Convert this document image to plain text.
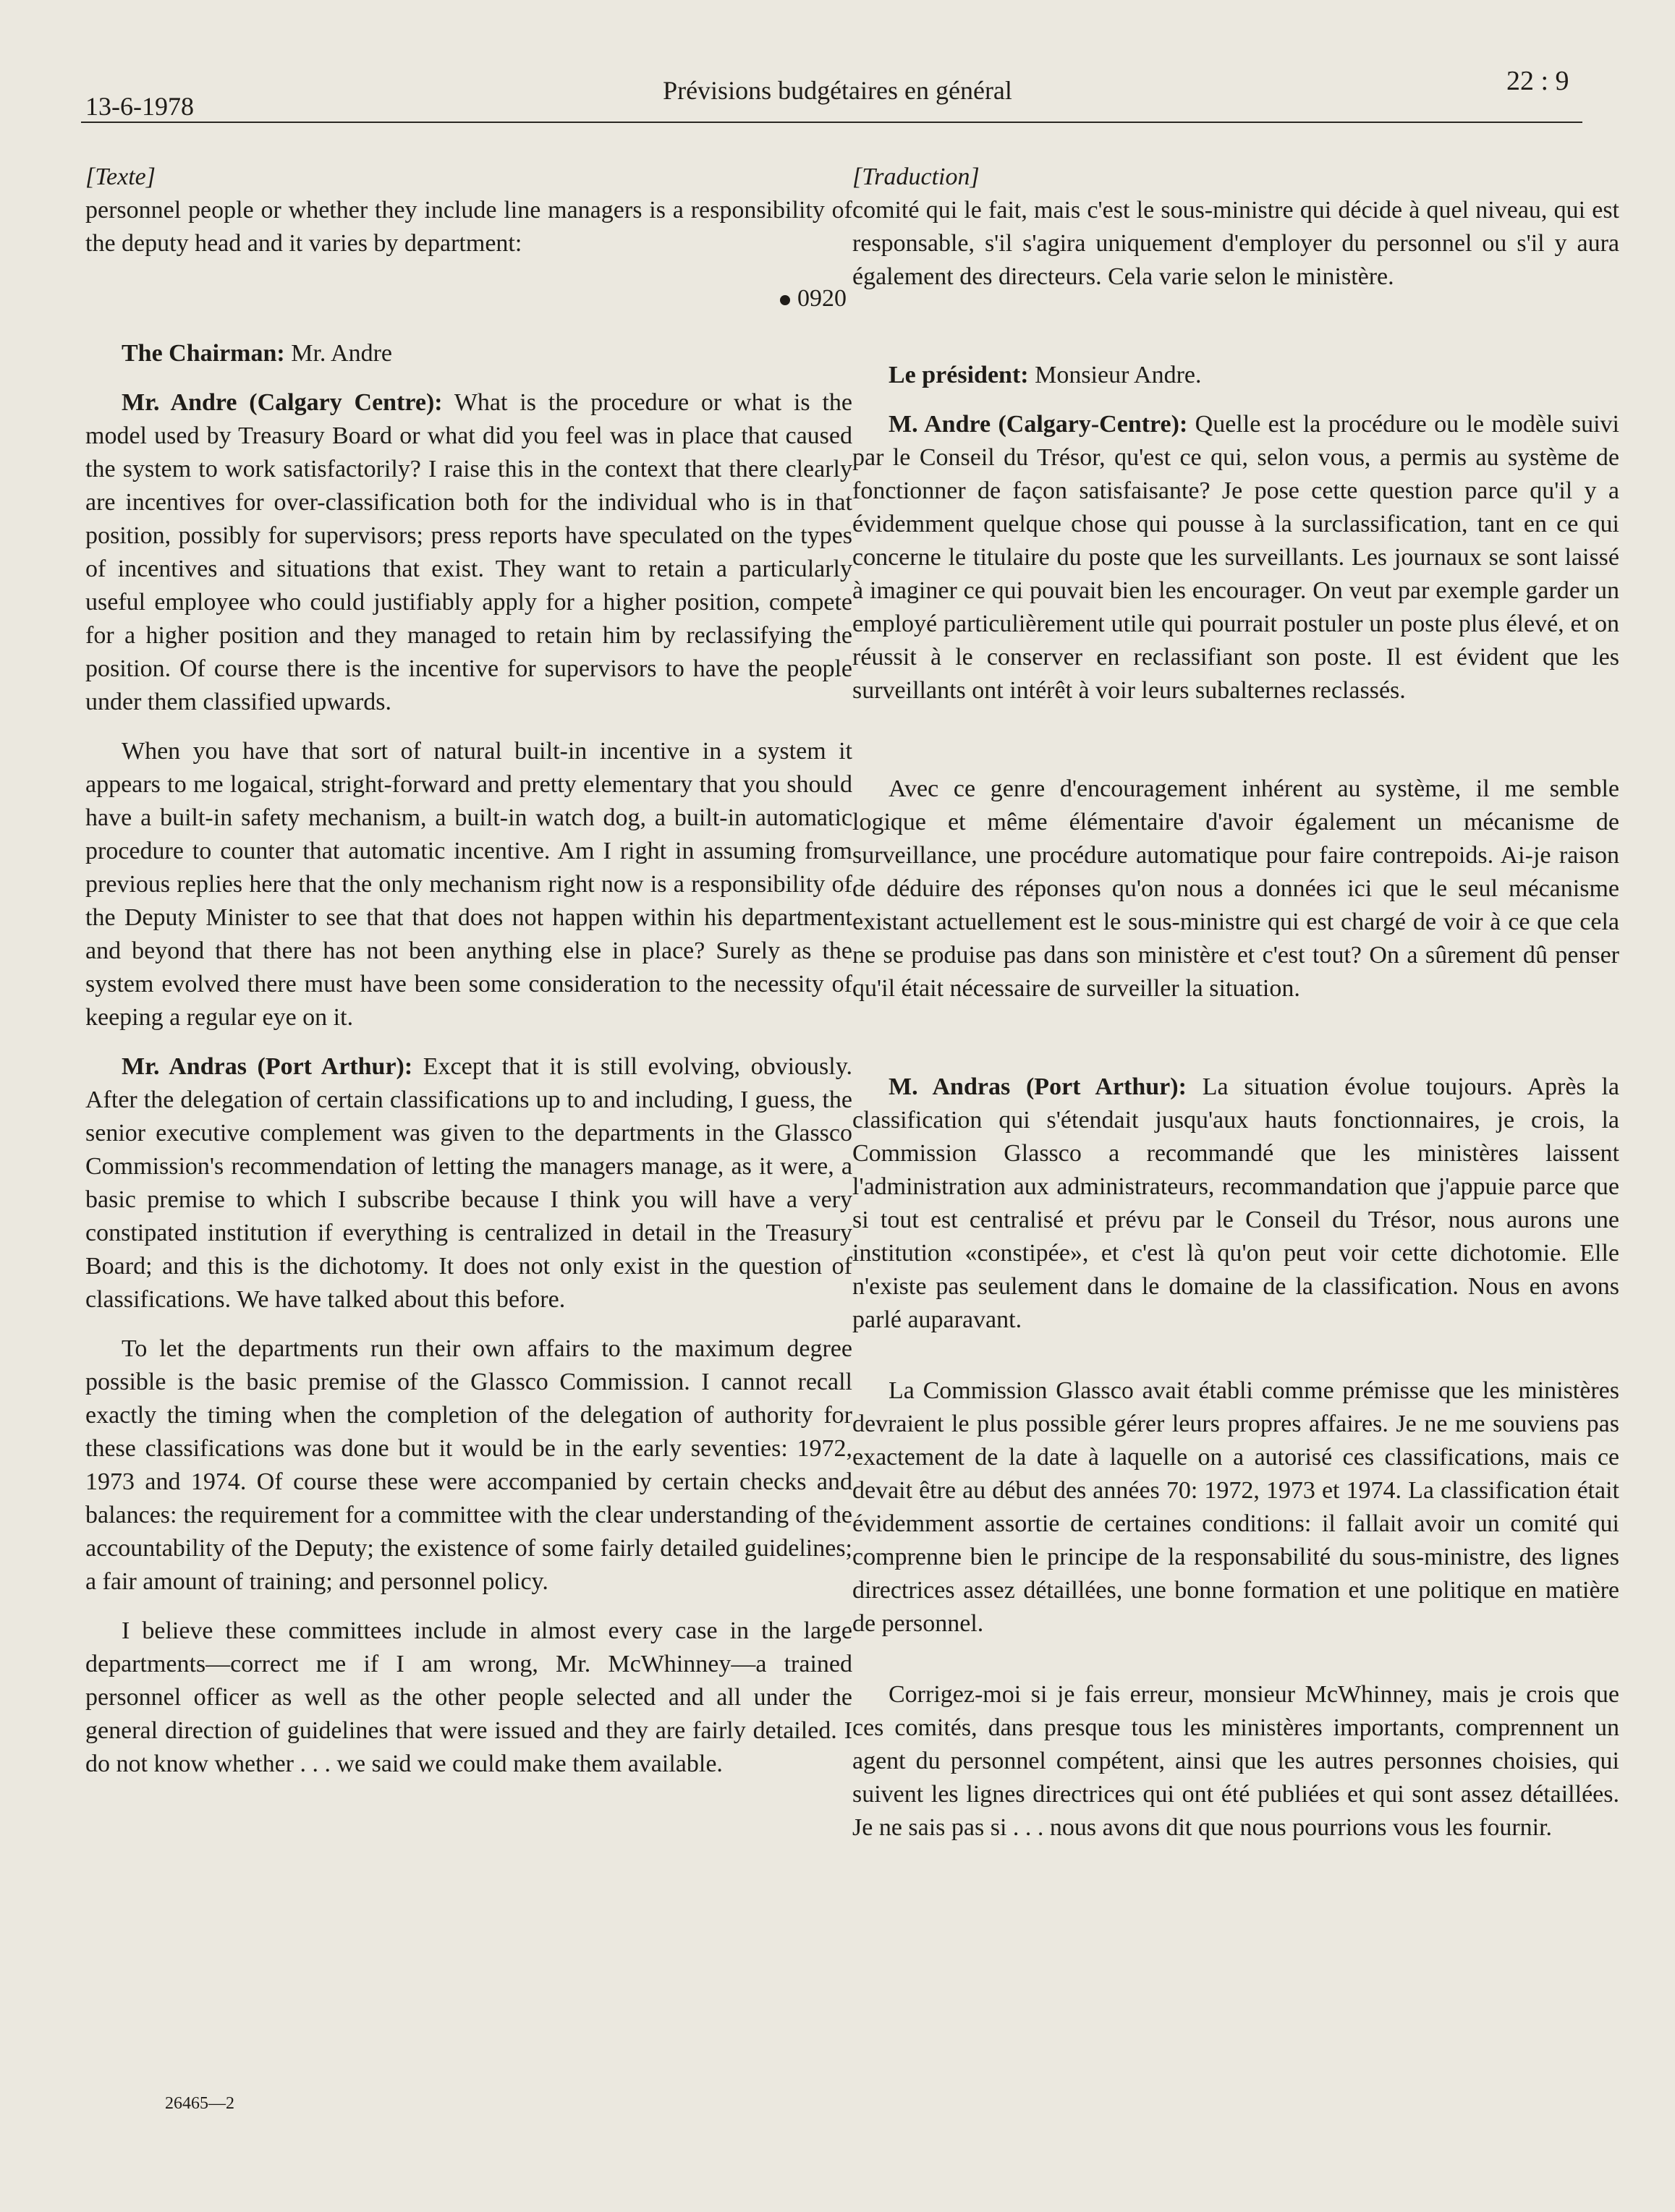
13-6-1978
Prévisions budgétaires en général	22 : 9

[Texte]

personnel people or whether they include line managers is a responsibility of the deputy head and it varies by department:

0920

The Chairman: Mr. Andre

Mr. Andre (Calgary Centre): What is the procedure or what is the model used by Treasury Board or what did you feel was in place that caused the system to work satisfactorily? I raise this in the context that there clearly are incentives for over-classification both for the individual who is in that position, possibly for supervisors; press reports have speculated on the types of incentives and situations that exist. They want to retain a particularly useful employee who could justifiably apply for a higher position, compete for a higher position and they managed to retain him by reclassifying the position. Of course there is the incentive for supervisors to have the people under them classified upwards.

When you have that sort of natural built-in incentive in a system it appears to me logaical, stright-forward and pretty elementary that you should have a built-in safety mechanism, a built-in watch dog, a built-in automatic procedure to counter that automatic incentive. Am I right in assuming from previous replies here that the only mechanism right now is a responsibility of the Deputy Minister to see that that does not happen within his department and beyond that there has not been anything else in place? Surely as the system evolved there must have been some consideration to the necessity of keeping a regular eye on it.

Mr. Andras (Port Arthur): Except that it is still evolving, obviously. After the delegation of certain classifications up to and including, I guess, the senior executive complement was given to the departments in the Glassco Commission's recommendation of letting the managers manage, as it were, a basic premise to which I subscribe because I think you will have a very constipated institution if everything is centralized in detail in the Treasury Board; and this is the dichotomy. It does not only exist in the question of classifications. We have talked about this before.

To let the departments run their own affairs to the maximum degree possible is the basic premise of the Glassco Commission. I cannot recall exactly the timing when the completion of the delegation of authority for these classifications was done but it would be in the early seventies: 1972, 1973 and 1974. Of course these were accompanied by certain checks and balances: the requirement for a committee with the clear understanding of the accountability of the Deputy; the existence of some fairly detailed guidelines; a fair amount of training; and personnel policy.

I believe these committees include in almost every case in the large departments—correct me if I am wrong, Mr. McWhinney—a trained personnel officer as well as the other people selected and all under the general direction of guidelines that were issued and they are fairly detailed. I do not know whether . . . we said we could make them available.

[Traduction]

comité qui le fait, mais c'est le sous-ministre qui décide à quel niveau, qui est responsable, s'il s'agira uniquement d'employer du personnel ou s'il y aura également des directeurs. Cela varie selon le ministère.

Le président: Monsieur Andre.

M. Andre (Calgary-Centre): Quelle est la procédure ou le modèle suivi par le Conseil du Trésor, qu'est ce qui, selon vous, a permis au système de fonctionner de façon satisfaisante? Je pose cette question parce qu'il y a évidemment quelque chose qui pousse à la surclassification, tant en ce qui concerne le titulaire du poste que les surveillants. Les journaux se sont laissé à imaginer ce qui pouvait bien les encourager. On veut par exemple garder un employé particulièrement utile qui pourrait postuler un poste plus élevé, et on réussit à le conserver en reclassifiant son poste. Il est évident que les surveillants ont intérêt à voir leurs subalternes reclassés.

Avec ce genre d'encouragement inhérent au système, il me semble logique et même élémentaire d'avoir également un mécanisme de surveillance, une procédure automatique pour faire contrepoids. Ai-je raison de déduire des réponses qu'on nous a données ici que le seul mécanisme existant actuellement est le sous-ministre qui est chargé de voir à ce que cela ne se produise pas dans son ministère et c'est tout? On a sûrement dû penser qu'il était nécessaire de surveiller la situation.

M. Andras (Port Arthur): La situation évolue toujours. Après la classification qui s'étendait jusqu'aux hauts fonctionnaires, je crois, la Commission Glassco a recommandé que les ministères laissent l'administration aux administrateurs, recommandation que j'appuie parce que si tout est centralisé et prévu par le Conseil du Trésor, nous aurons une institution «constipée», et c'est là qu'on peut voir cette dichotomie. Elle n'existe pas seulement dans le domaine de la classification. Nous en avons parlé auparavant.

La Commission Glassco avait établi comme prémisse que les ministères devraient le plus possible gérer leurs propres affaires. Je ne me souviens pas exactement de la date à laquelle on a autorisé ces classifications, mais ce devait être au début des années 70: 1972, 1973 et 1974. La classification était évidemment assortie de certaines conditions: il fallait avoir un comité qui comprenne bien le principe de la responsabilité du sous-ministre, des lignes directrices assez détaillées, une bonne formation et une politique en matière de personnel.

Corrigez-moi si je fais erreur, monsieur McWhinney, mais je crois que ces comités, dans presque tous les ministères importants, comprennent un agent du personnel compétent, ainsi que les autres personnes choisies, qui suivent les lignes directrices qui ont été publiées et qui sont assez détaillées. Je ne sais pas si . . . nous avons dit que nous pourrions vous les fournir.

26465—2
